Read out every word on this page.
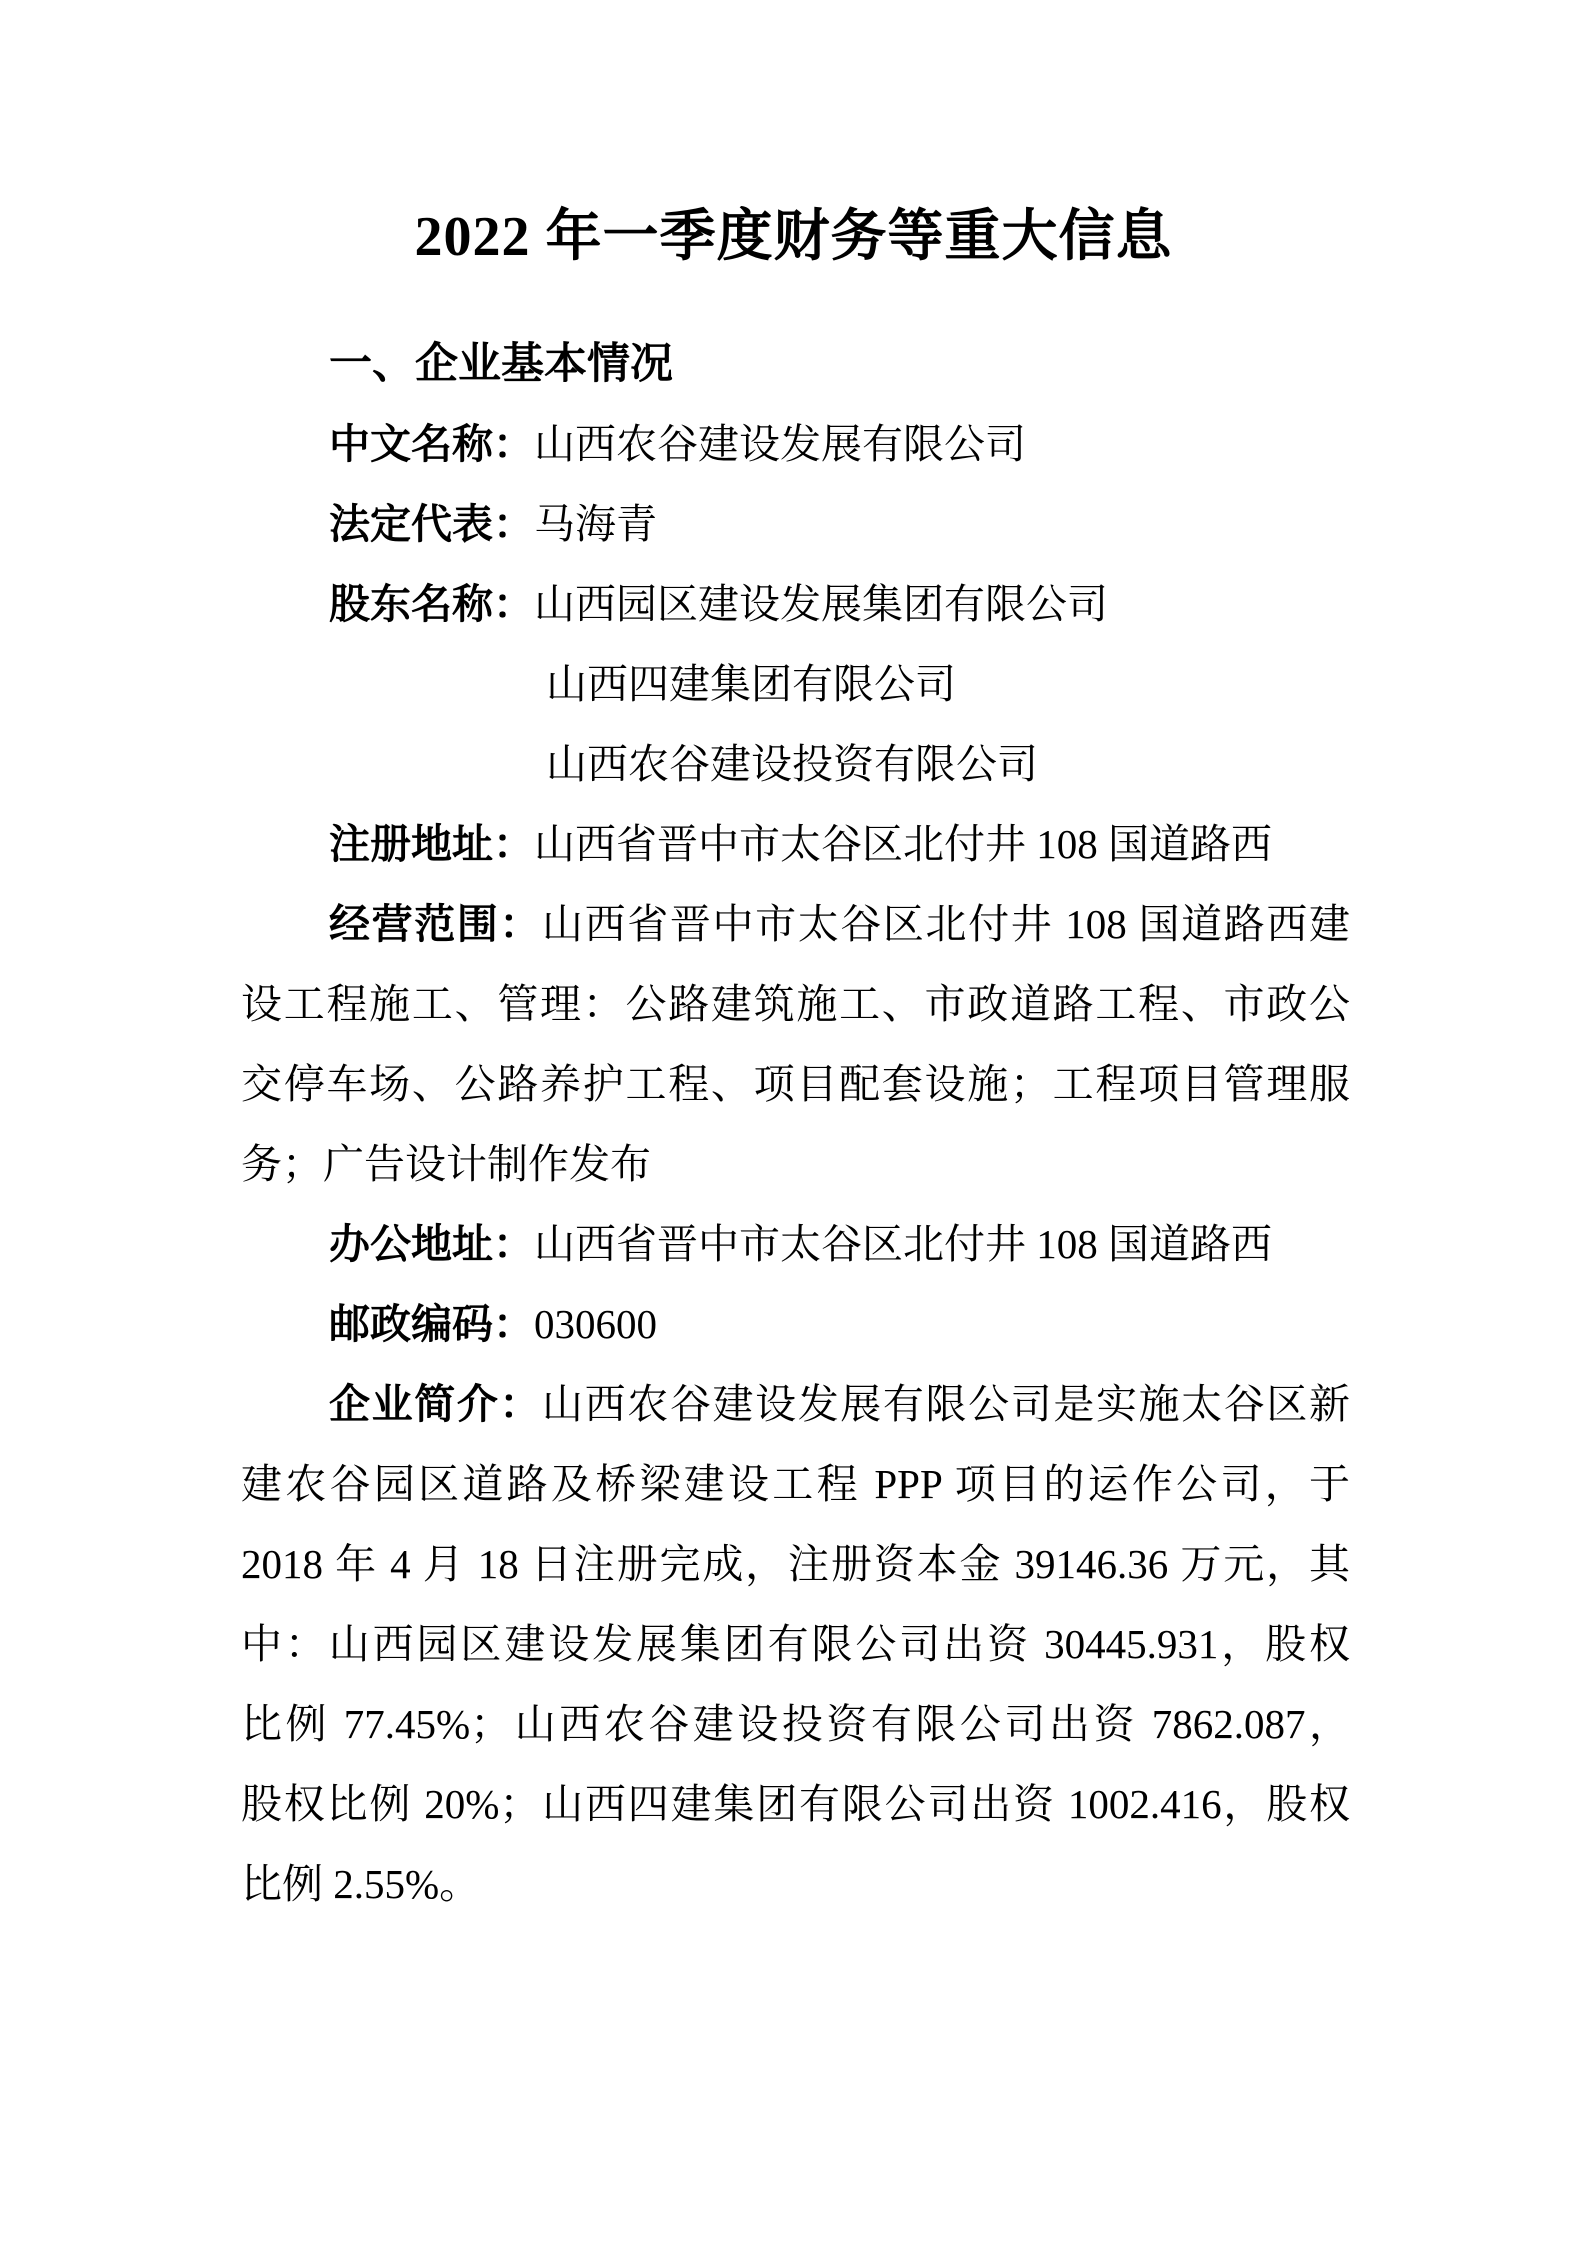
2022 年一季度财务等重大信息
一、企业基本情况
中文名称：山西农谷建设发展有限公司
法定代表：马海青
股东名称：山西园区建设发展集团有限公司
山西四建集团有限公司
山西农谷建设投资有限公司
注册地址：山西省晋中市太谷区北付井 108 国道路西
经营范围：山西省晋中市太谷区北付井 108 国道路西建
设工程施工、管理：公路建筑施工、市政道路工程、市政公
交停车场、公路养护工程、项目配套设施；工程项目管理服
务；广告设计制作发布
办公地址：山西省晋中市太谷区北付井 108 国道路西
邮政编码：030600
企业简介：山西农谷建设发展有限公司是实施太谷区新
建农谷园区道路及桥梁建设工程 PPP 项目的运作公司，于
2018 年 4 月 18 日注册完成，注册资本金 39146.36 万元，其
中：山西园区建设发展集团有限公司出资 30445.931，股权
比例 77.45%；山西农谷建设投资有限公司出资 7862.087，
股权比例 20%；山西四建集团有限公司出资 1002.416，股权
比例 2.55%。
